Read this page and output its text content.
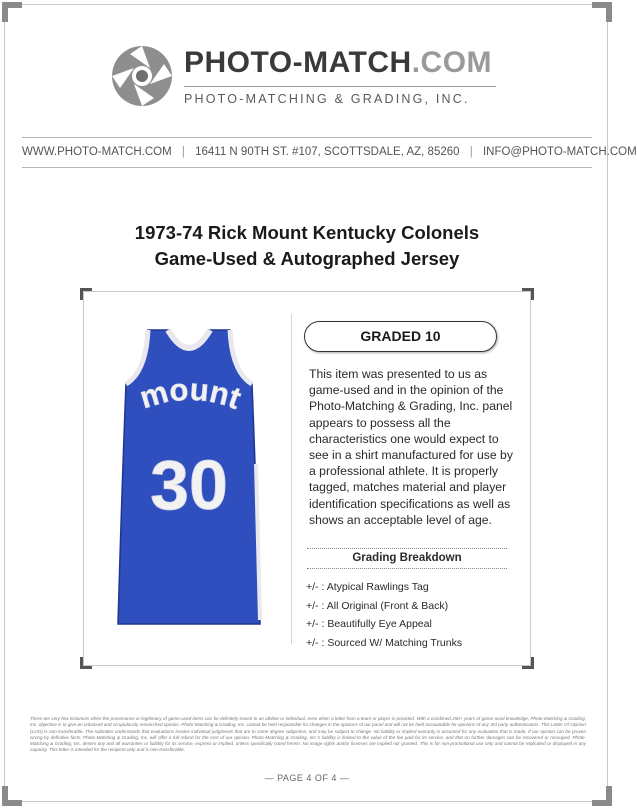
PHOTO-MATCH.COM
PHOTO-MATCHING & GRADING, INC.
WWW.PHOTO-MATCH.COM | 16411 N 90TH ST. #107, SCOTTSDALE, AZ, 85260 | INFO@PHOTO-MATCH.COM
1973-74 Rick Mount Kentucky Colonels
Game-Used & Autographed Jersey
mount
30
GRADED 10
This item was presented to us as game-used and in the opinion of the Photo-Matching & Grading, Inc. panel appears to possess all the characteristics one would expect to see in a shirt manufactured for use by a professional athlete. It is properly tagged, matches material and player identification specifications as well as shows an acceptable level of age.
Grading Breakdown
+/- : Atypical Rawlings Tag
+/- : All Original (Front & Back)
+/- : Beautifully Eye Appeal
+/- : Sourced W/ Matching Trunks
There are very few instances when the provenance or legitimacy of game-used items can be definitely traced to an athlete or individual, even when a letter from a team or player is provided. With a combined 250+ years of game-used knowledge, Photo-Matching & Grading, Inc. objective is to give an unbiased and scrupulously researched opinion. Photo-Matching & Grading, Inc. cannot be held responsible for changes in the opinions of our panel and will not be held accountable for opinions of any 3rd party authenticators. This Letter Of Opinion (LOO) is non-transferable. The submitter understands that evaluations involve individual judgments that are to some degree subjective, and may be subject to change. No liability or implied warranty is assumed for any evaluation that is made. If our opinion can be proven wrong by definitive facts, Photo-Matching & Grading, Inc. will offer a full refund for the cost of our opinion. Photo-Matching & Grading, Inc.'s liability is limited to the value of the fee paid for its service, and that no further damages can be recovered or recouped. Photo-Matching & Grading, Inc. denies any and all warranties or liability for its service, express or implied, unless specifically noted herein. No image rights and/or licenses are implied nor granted. This is for non-promotional use only and cannot be replicated or displayed in any capacity. This letter is intended for the recipient only and is non-transferable.
— PAGE 4 OF 4 —
